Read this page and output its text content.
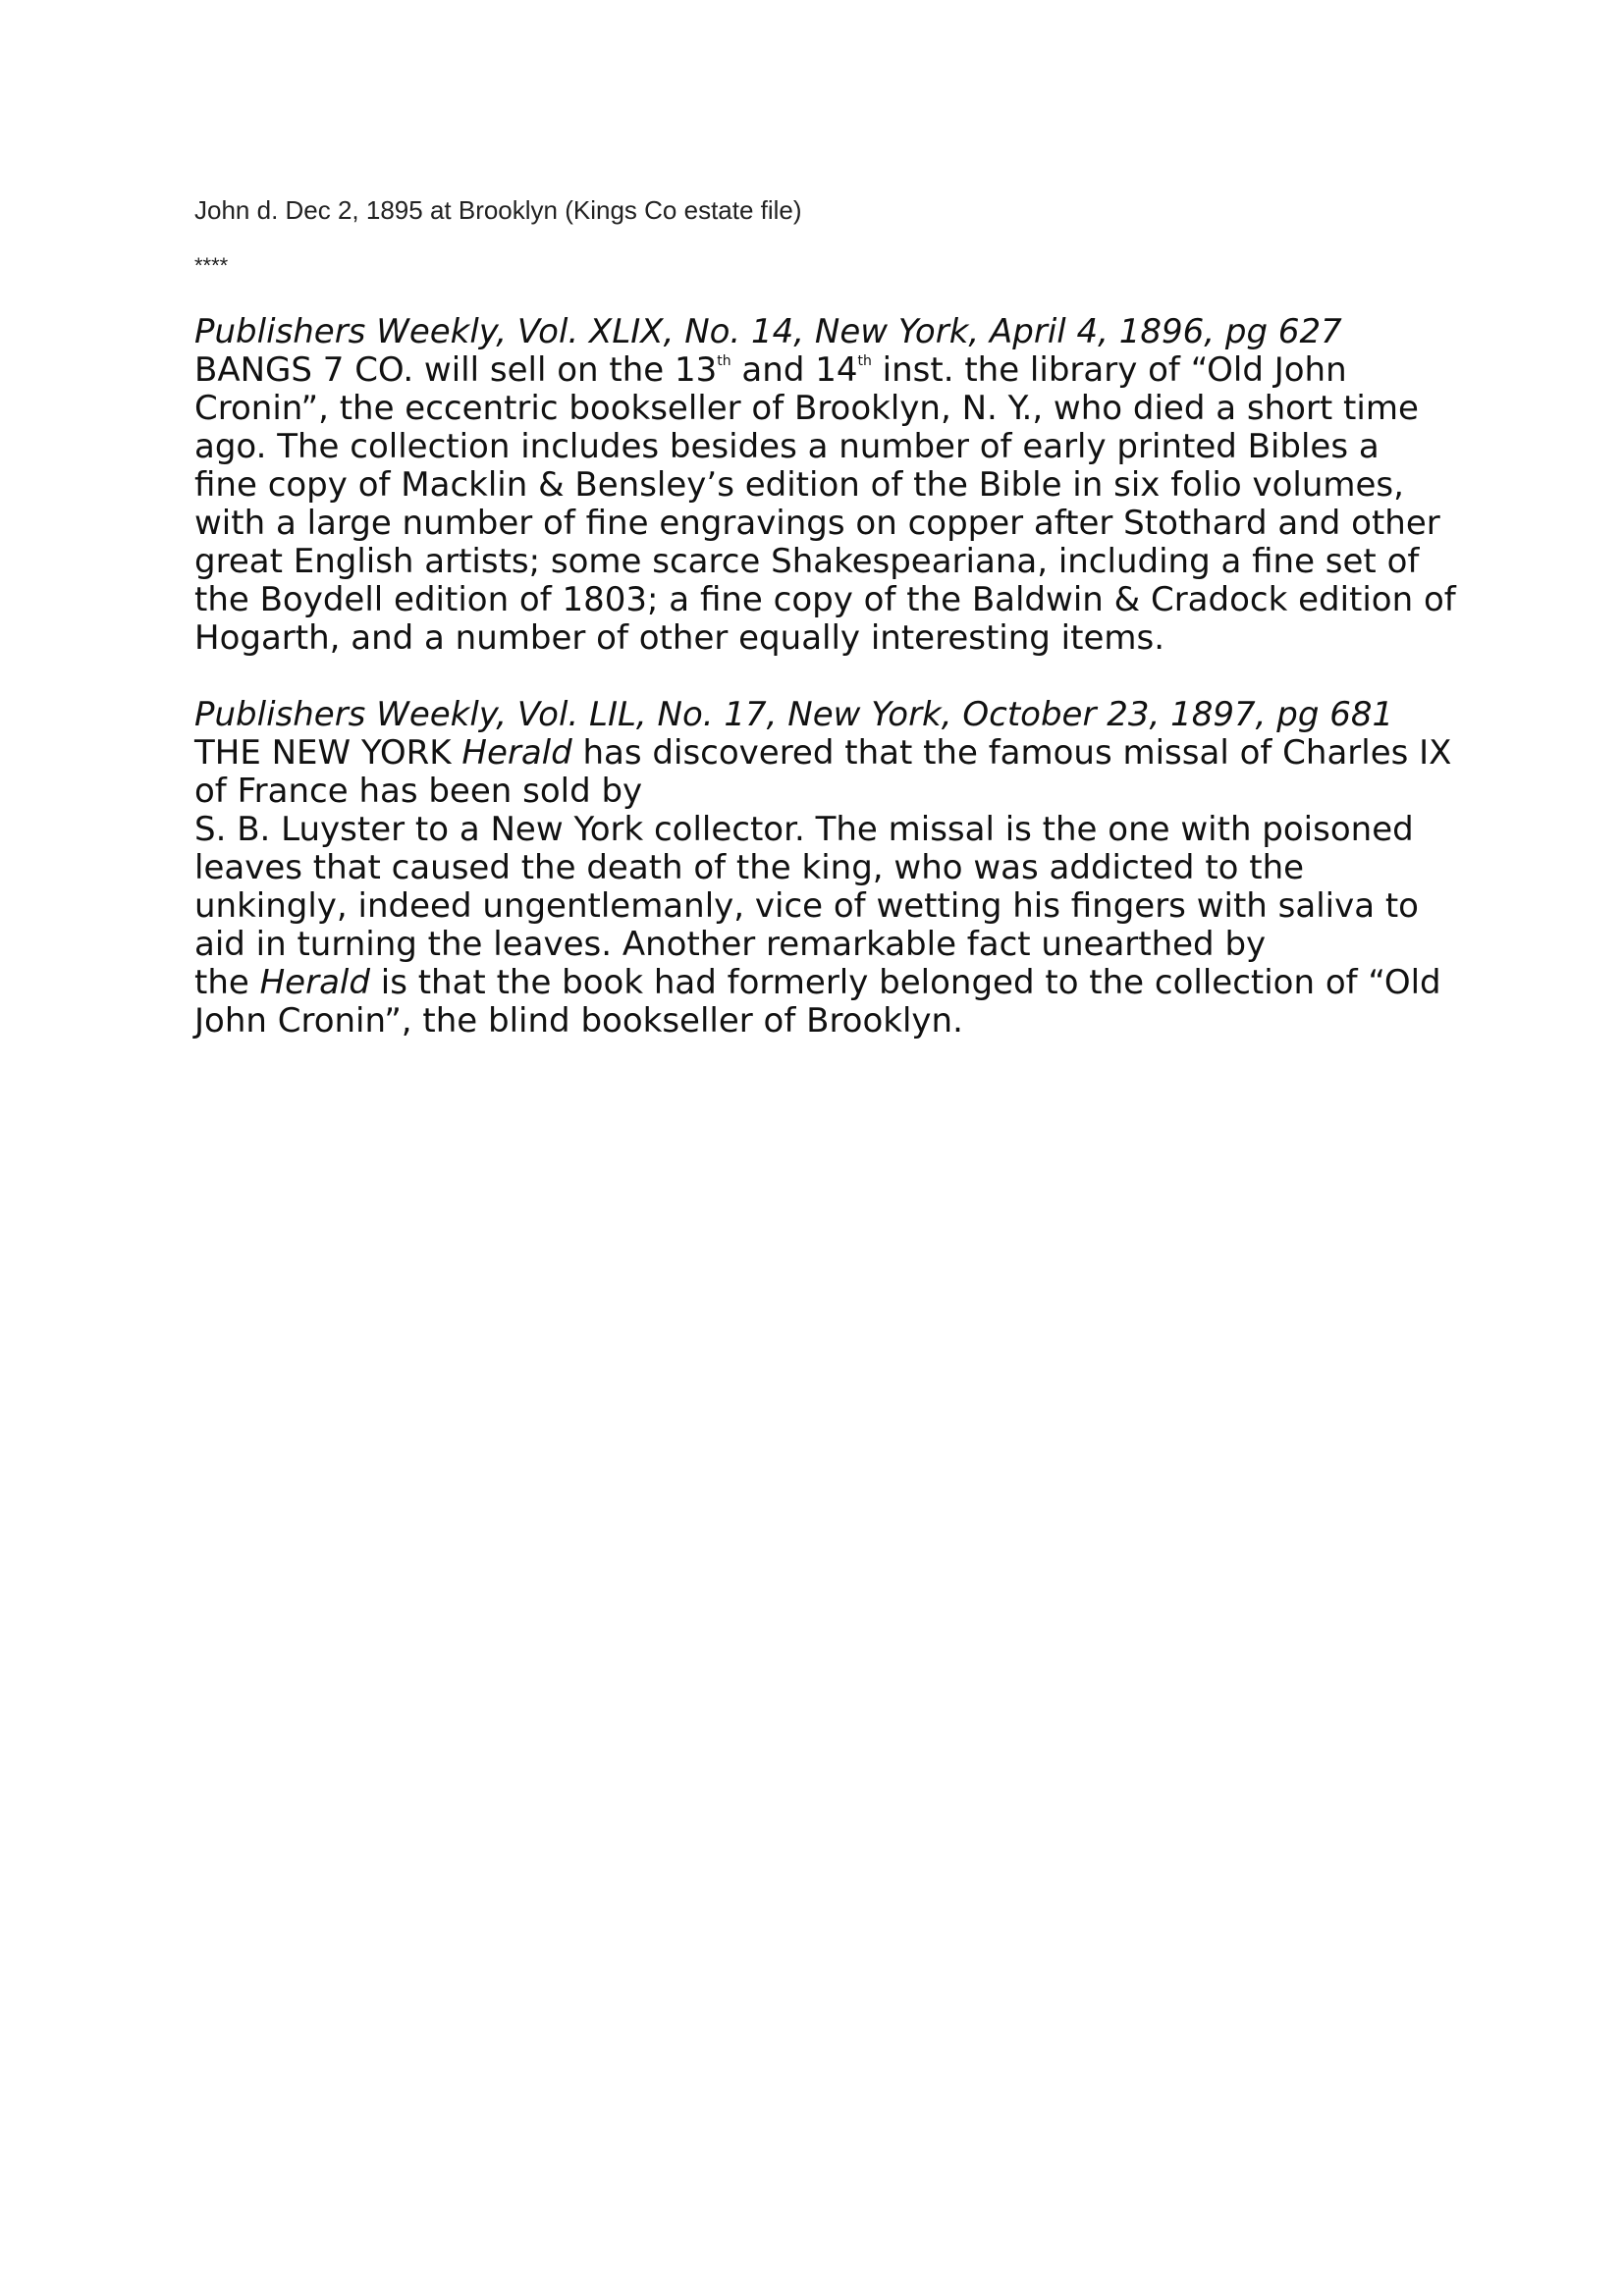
John d. Dec 2, 1895 at Brooklyn (Kings Co estate file)

****

Publishers Weekly, Vol. XLIX, No. 14, New York, April 4, 1896, pg 627
BANGS 7 CO. will sell on the 13th and 14th inst. the library of “Old John
Cronin”, the eccentric bookseller of Brooklyn, N. Y., who died a short time
ago. The collection includes besides a number of early printed Bibles a
fine copy of Macklin & Bensley’s edition of the Bible in six folio volumes,
with a large number of fine engravings on copper after Stothard and other
great English artists; some scarce Shakespeariana, including a fine set of
the Boydell edition of 1803; a fine copy of the Baldwin & Cradock edition of
Hogarth, and a number of other equally interesting items.
Publishers Weekly, Vol. LIL, No. 17, New York, October 23, 1897, pg 681
THE NEW YORK Herald has discovered that the famous missal of Charles IX
of France has been sold by
S. B. Luyster to a New York collector. The missal is the one with poisoned
leaves that caused the death of the king, who was addicted to the
unkingly, indeed ungentlemanly, vice of wetting his fingers with saliva to
aid in turning the leaves. Another remarkable fact unearthed by
the Herald is that the book had formerly belonged to the collection of “Old
John Cronin”, the blind bookseller of Brooklyn.
